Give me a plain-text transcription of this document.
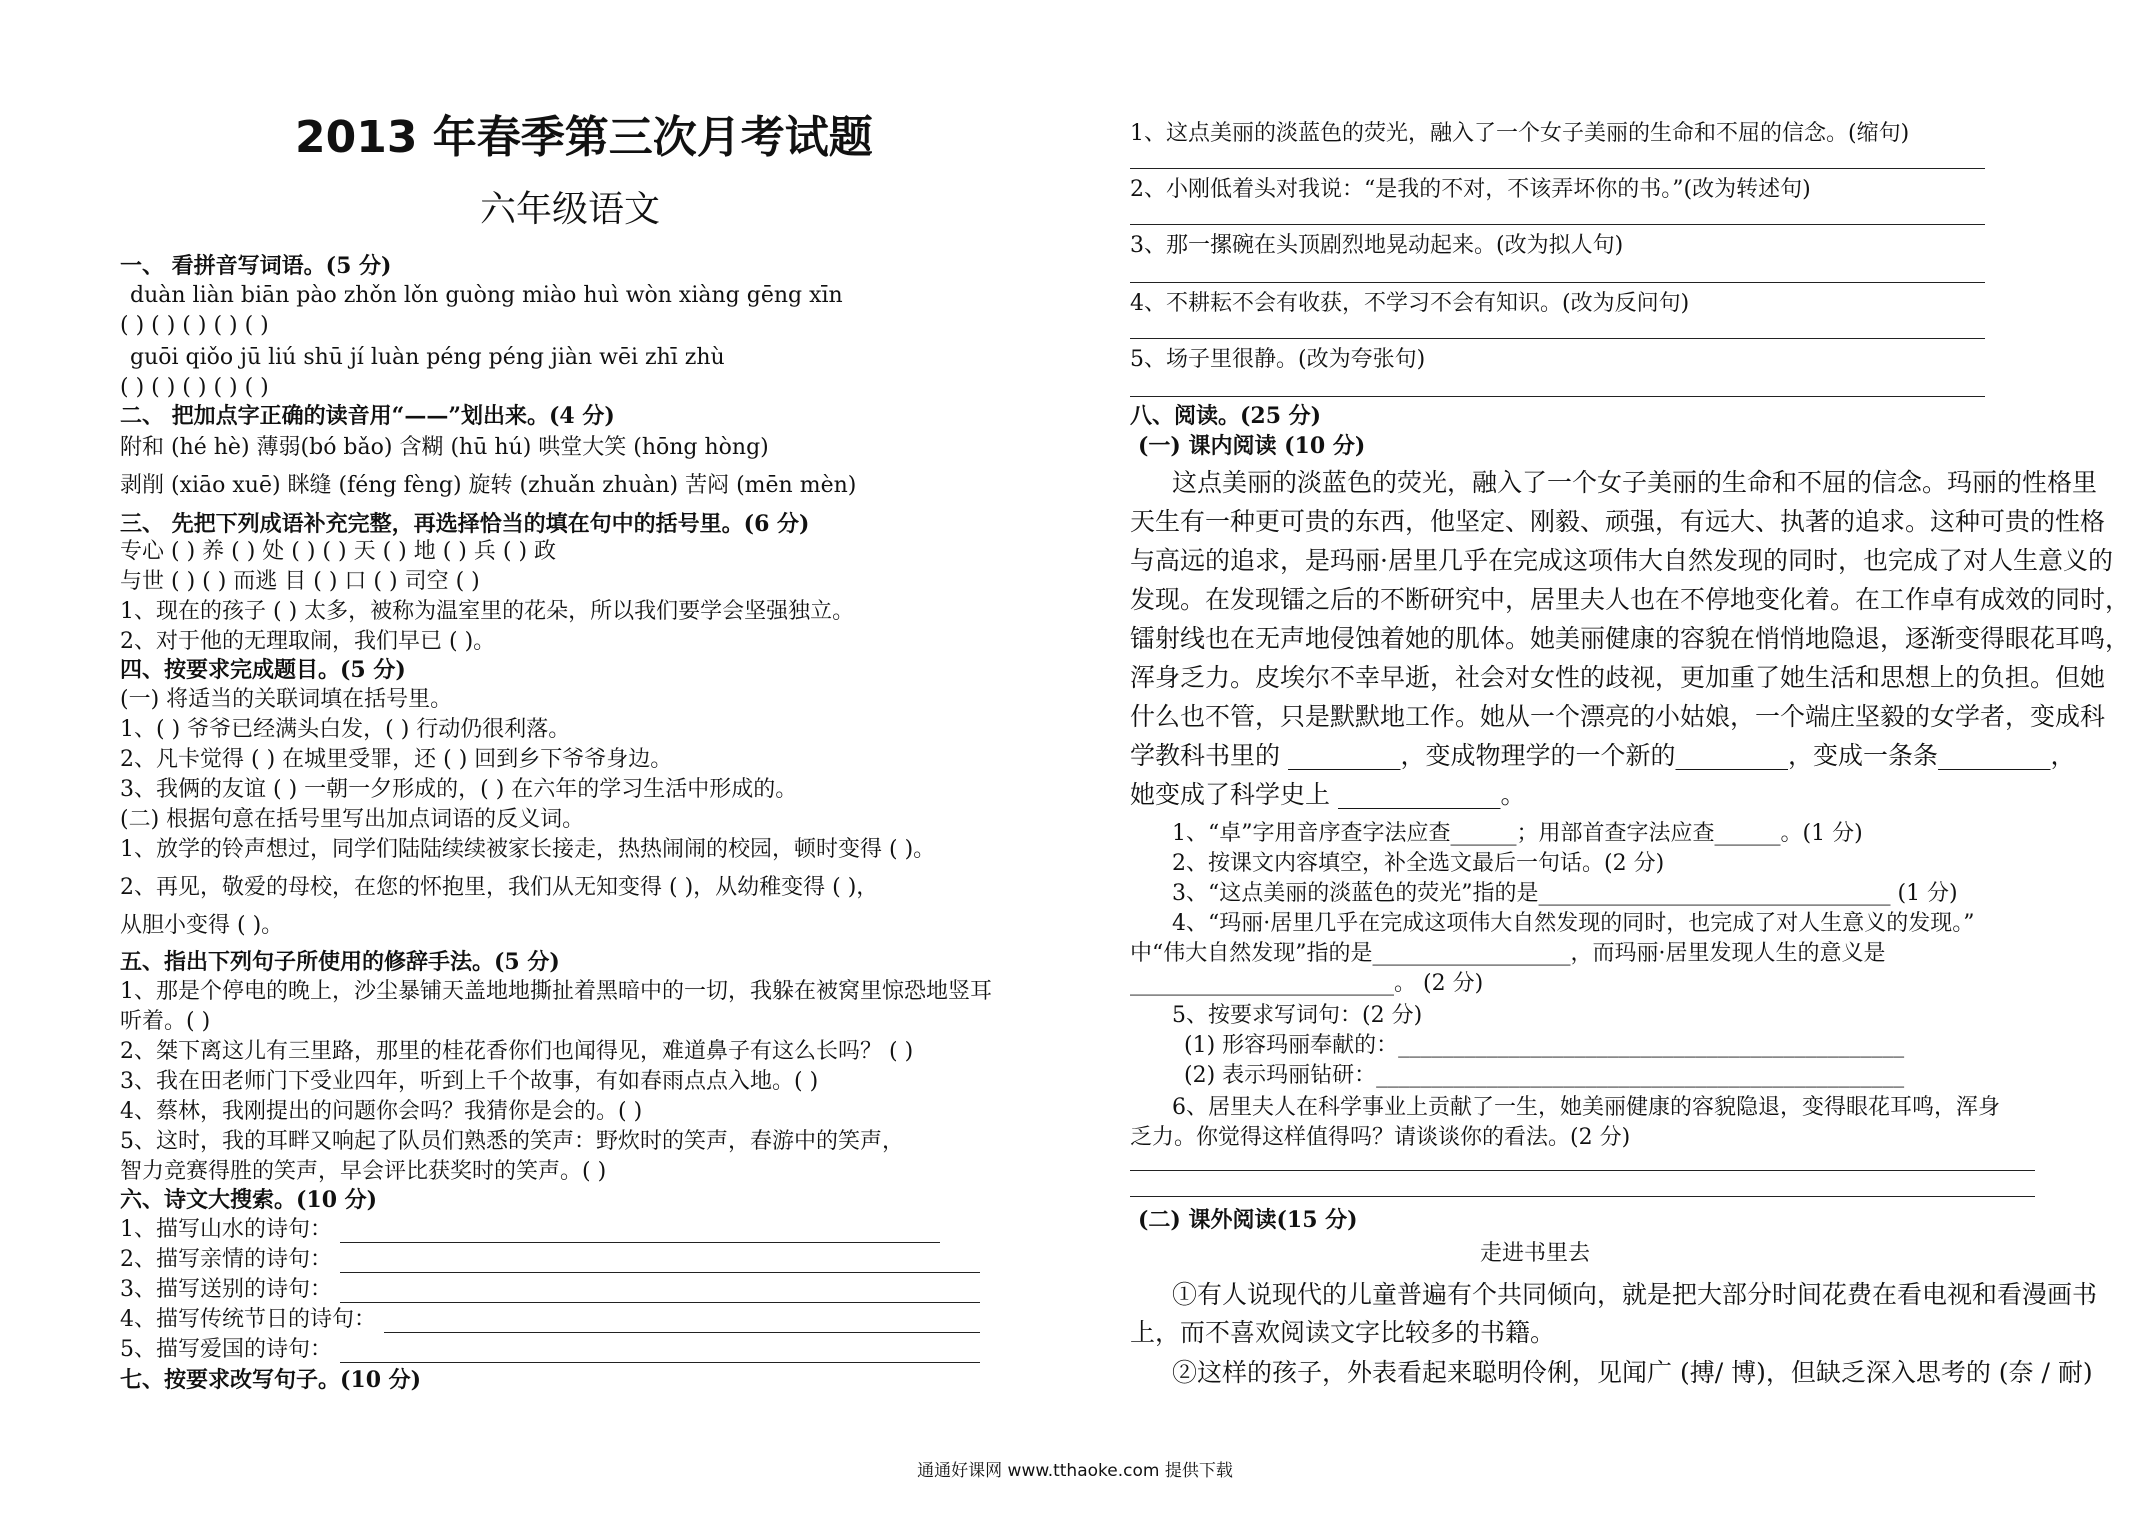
2013 年春季第三次月考试题
六年级语文
一、 看拼音写词语。(5 分)
duàn liàn biān pào zhǒn lǒn guòng miào huì wòn xiàng gēng xīn
( ) ( ) ( ) ( ) ( )
guōi qiǒo jū liú shū jí luàn péng péng jiàn wēi zhī zhù
( ) ( ) ( ) ( ) ( )
二、 把加点字正确的读音用“——”划出来。(4 分)
附和 (hé hè) 薄弱(bó bǎo) 含糊 (hū hú) 哄堂大笑 (hōng hòng)
剥削 (xiāo xuē) 眯缝 (féng fèng) 旋转 (zhuǎn zhuàn) 苦闷 (mēn mèn)
三、 先把下列成语补充完整，再选择恰当的填在句中的括号里。(6 分)
专心 ( ) 养 ( ) 处 ( ) ( ) 天 ( ) 地 ( ) 兵 ( ) 政
与世 ( ) ( ) 而逃 目 ( ) 口 ( ) 司空 ( )
1、现在的孩子 ( ) 太多，被称为温室里的花朵，所以我们要学会坚强独立。
2、对于他的无理取闹，我们早已 ( )。
四、按要求完成题目。(5 分)
(一) 将适当的关联词填在括号里。
1、( ) 爷爷已经满头白发，( ) 行动仍很利落。
2、凡卡觉得 ( ) 在城里受罪，还 ( ) 回到乡下爷爷身边。
3、我俩的友谊 ( ) 一朝一夕形成的，( ) 在六年的学习生活中形成的。
(二) 根据句意在括号里写出加点词语的反义词。
1、放学的铃声想过，同学们陆陆续续被家长接走，热热闹闹的校园，顿时变得 ( )。
2、再见，敬爱的母校，在您的怀抱里，我们从无知变得 ( )，从幼稚变得 ( )，
从胆小变得 ( )。
五、指出下列句子所使用的修辞手法。(5 分)
1、那是个停电的晚上，沙尘暴铺天盖地地撕扯着黑暗中的一切，我躲在被窝里惊恐地竖耳
听着。( )
2、桀下离这儿有三里路，那里的桂花香你们也闻得见，难道鼻子有这么长吗？ ( )
3、我在田老师门下受业四年，听到上千个故事，有如春雨点点入地。( )
4、蔡林，我刚提出的问题你会吗？我猜你是会的。( )
5、这时，我的耳畔又响起了队员们熟悉的笑声：野炊时的笑声，春游中的笑声，
智力竞赛得胜的笑声，早会评比获奖时的笑声。( )
六、诗文大搜索。(10 分)
1、描写山水的诗句：
2、描写亲情的诗句：
3、描写送别的诗句：
4、描写传统节日的诗句：
5、描写爱国的诗句：
七、按要求改写句子。(10 分)
1、这点美丽的淡蓝色的荧光，融入了一个女子美丽的生命和不屈的信念。(缩句)
2、小刚低着头对我说：“是我的不对，不该弄坏你的书。”(改为转述句)
3、那一摞碗在头顶剧烈地晃动起来。(改为拟人句)
4、不耕耘不会有收获，不学习不会有知识。(改为反问句)
5、场子里很静。(改为夸张句)
八、阅读。(25 分)
(一) 课内阅读 (10 分)
这点美丽的淡蓝色的荧光，融入了一个女子美丽的生命和不屈的信念。玛丽的性格里
天生有一种更可贵的东西，他坚定、刚毅、顽强，有远大、执著的追求。这种可贵的性格
与高远的追求，是玛丽·居里几乎在完成这项伟大自然发现的同时，也完成了对人生意义的
发现。在发现镭之后的不断研究中，居里夫人也在不停地变化着。在工作卓有成效的同时，
镭射线也在无声地侵蚀着她的肌体。她美丽健康的容貌在悄悄地隐退，逐渐变得眼花耳鸣，
浑身乏力。皮埃尔不幸早逝，社会对女性的歧视，更加重了她生活和思想上的负担。但她
什么也不管，只是默默地工作。她从一个漂亮的小姑娘，一个端庄坚毅的女学者，变成科
学教科书里的 _________，变成物理学的一个新的_________，变成一条条_________，
她变成了科学史上 _____________。
1、“卓”字用音序查字法应查______；用部首查字法应查______。(1 分)
2、按课文内容填空，补全选文最后一句话。(2 分)
3、“这点美丽的淡蓝色的荧光”指的是________________________________ (1 分)
4、“玛丽·居里几乎在完成这项伟大自然发现的同时，也完成了对人生意义的发现。”
中“伟大自然发现”指的是__________________，而玛丽·居里发现人生的意义是
________________________。 (2 分)
5、按要求写词句：(2 分)
(1) 形容玛丽奉献的：______________________________________________
(2) 表示玛丽钻研：________________________________________________
6、居里夫人在科学事业上贡献了一生，她美丽健康的容貌隐退，变得眼花耳鸣，浑身
乏力。你觉得这样值得吗？请谈谈你的看法。(2 分)
(二) 课外阅读(15 分)
走进书里去
①有人说现代的儿童普遍有个共同倾向，就是把大部分时间花费在看电视和看漫画书
上，而不喜欢阅读文字比较多的书籍。
②这样的孩子，外表看起来聪明伶俐，见闻广 (搏/ 博)，但缺乏深入思考的 (奈 / 耐)
通通好课网 www.tthaoke.com 提供下载
